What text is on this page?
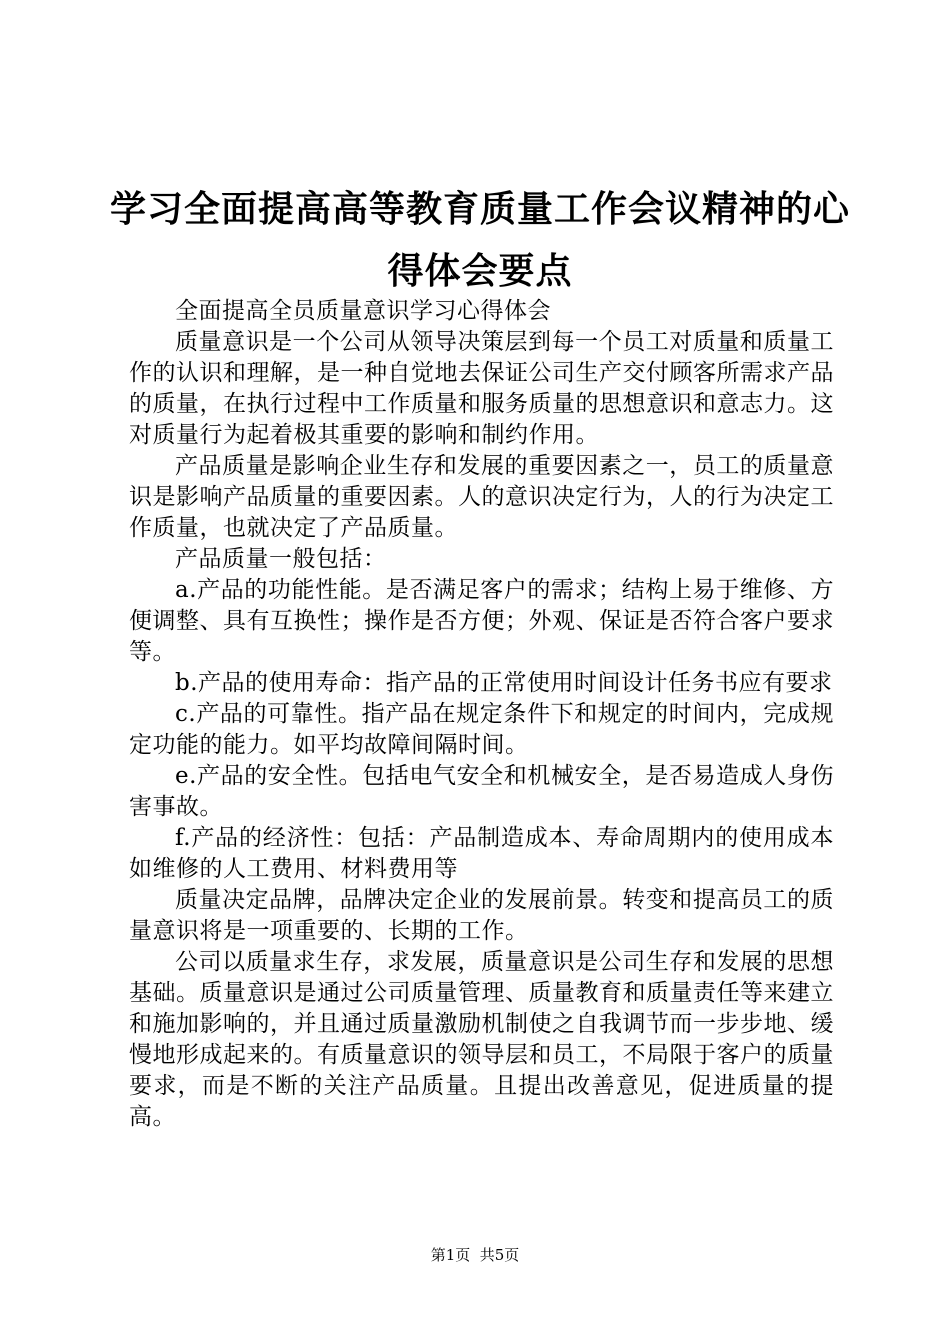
学习全面提高高等教育质量工作会议精神的心得体会要点

全面提高全员质量意识学习心得体会

质量意识是一个公司从领导决策层到每一个员工对质量和质量工作的认识和理解，是一种自觉地去保证公司生产交付顾客所需求产品的质量，在执行过程中工作质量和服务质量的思想意识和意志力。这对质量行为起着极其重要的影响和制约作用。

产品质量是影响企业生存和发展的重要因素之一，员工的质量意识是影响产品质量的重要因素。人的意识决定行为，人的行为决定工作质量，也就决定了产品质量。

产品质量一般包括：

a.产品的功能性能。是否满足客户的需求；结构上易于维修、方便调整、具有互换性；操作是否方便；外观、保证是否符合客户要求等。

b.产品的使用寿命：指产品的正常使用时间设计任务书应有要求

c.产品的可靠性。指产品在规定条件下和规定的时间内，完成规定功能的能力。如平均故障间隔时间。

e.产品的安全性。包括电气安全和机械安全，是否易造成人身伤害事故。

f.产品的经济性：包括：产品制造成本、寿命周期内的使用成本如维修的人工费用、材料费用等

质量决定品牌，品牌决定企业的发展前景。转变和提高员工的质量意识将是一项重要的、长期的工作。

公司以质量求生存，求发展，质量意识是公司生存和发展的思想基础。质量意识是通过公司质量管理、质量教育和质量责任等来建立和施加影响的，并且通过质量激励机制使之自我调节而一步步地、缓慢地形成起来的。有质量意识的领导层和员工，不局限于客户的质量要求，而是不断的关注产品质量。且提出改善意见，促进质量的提高。

第1页  共5页
